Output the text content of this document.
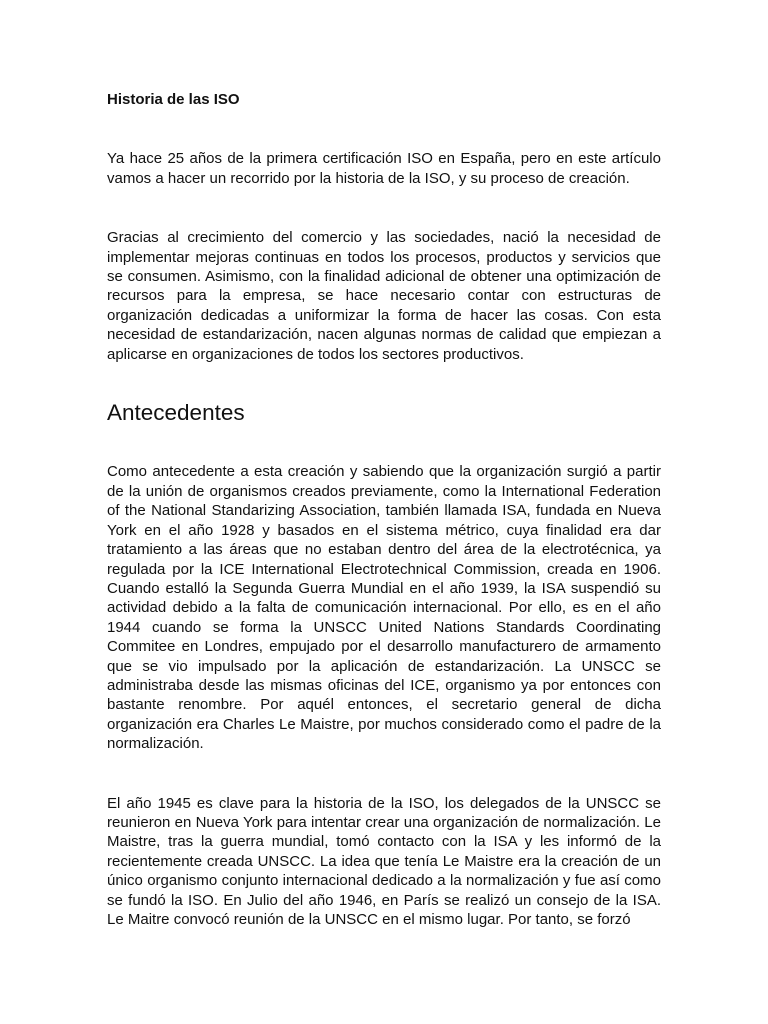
Historia de las ISO

Ya hace 25 años de la primera certificación ISO en España, pero en este artículo vamos a hacer un recorrido por la historia de la ISO, y su proceso de creación.

Gracias al crecimiento del comercio y las sociedades, nació la necesidad de implementar mejoras continuas en todos los procesos, productos y servicios que se consumen. Asimismo, con la finalidad adicional de obtener una optimización de recursos para la empresa, se hace necesario contar con estructuras de organización dedicadas a uniformizar la forma de hacer las cosas. Con esta necesidad de estandarización, nacen algunas normas de calidad que empiezan a aplicarse en organizaciones de todos los sectores productivos.

Antecedentes

Como antecedente a esta creación y sabiendo que la organización surgió a partir de la unión de organismos creados previamente, como la International Federation of the National Standarizing Association, también llamada ISA, fundada en Nueva York en el año 1928 y basados en el sistema métrico, cuya finalidad era dar tratamiento a las áreas que no estaban dentro del área de la electrotécnica, ya regulada por la ICE International Electrotechnical Commission, creada en 1906. Cuando estalló la Segunda Guerra Mundial en el año 1939, la ISA suspendió su actividad debido a la falta de comunicación internacional. Por ello, es en el año 1944 cuando se forma la UNSCC United Nations Standards Coordinating Commitee en Londres, empujado por el desarrollo manufacturero de armamento que se vio impulsado por la aplicación de estandarización. La UNSCC se administraba desde las mismas oficinas del ICE, organismo ya por entonces con bastante renombre. Por aquél entonces, el secretario general de dicha organización era Charles Le Maistre, por muchos considerado como el padre de la normalización.

El año 1945 es clave para la historia de la ISO, los delegados de la UNSCC se reunieron en Nueva York para intentar crear una organización de normalización. Le Maistre, tras la guerra mundial, tomó contacto con la ISA y les informó de la recientemente creada UNSCC. La idea que tenía Le Maistre era la creación de un único organismo conjunto internacional dedicado a la normalización y fue así como se fundó la ISO. En Julio del año 1946, en París se realizó un consejo de la ISA. Le Maitre convocó reunión de la UNSCC en el mismo lugar. Por tanto, se forzó
